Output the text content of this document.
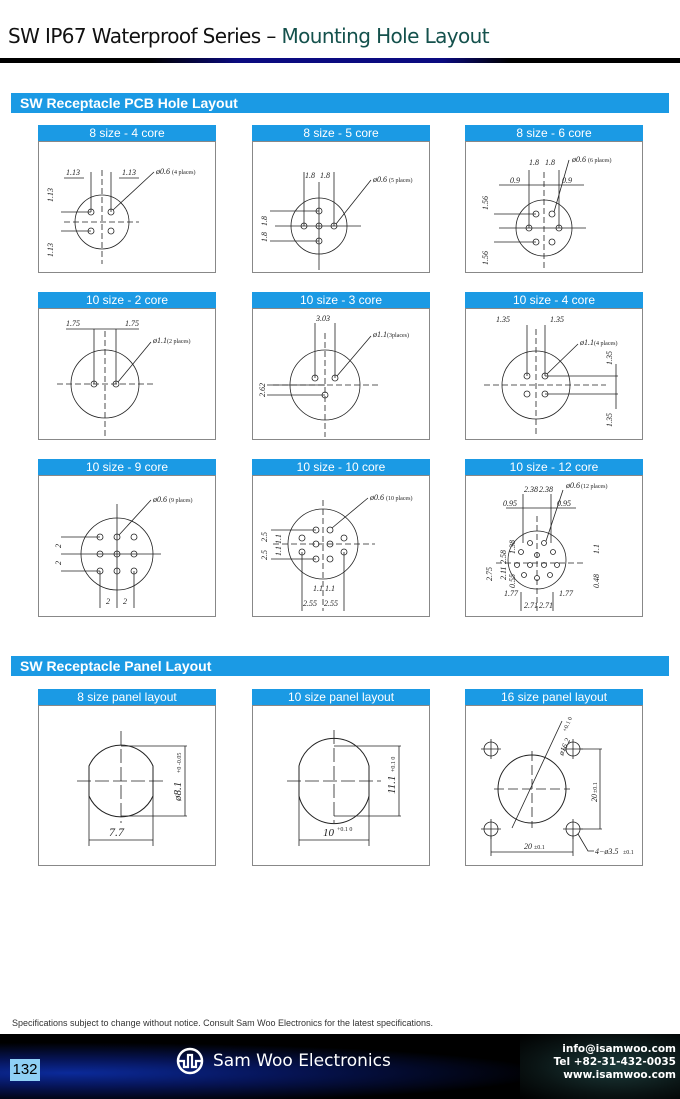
SW IP67 Waterproof Series – Mounting Hole Layout
SW Receptacle PCB Hole Layout
8 size - 4 core
1.13	1.13
1.13
1.13
ø0.6 (4 places)
8 size - 5 core
1.8 1.8
1.8
1.8
ø0.6 (5 places)
8 size - 6 core
1.8 1.8
0.9	0.9
1.56
1.56
ø0.6 (6 places)
10 size - 2 core
1.75	1.75
ø1.1 (2 places)
10 size - 3 core
3.03
2.62
ø1.1 (3places)
10 size - 4 core
1.35	1.35
1.35
1.35
ø1.1 (4 places)
10 size - 9 core
2
2
2 2
ø0.6 (9 places)
10 size - 10 core
2.5
2.5
1.1
1.1
1.1 1.1
2.55 2.55
ø0.6 (10 places)
10 size - 12 core
2.38 2.38
0.95	0.95
1.38
2.58
2.11
2.75 0.55
1.1
0.48
1.77	1.77
2.71 2.71
ø0.6 (12 places)
SW Receptacle Panel Layout
8 size panel layout
7.7
ø8.1
+0 -0.05
10 size panel layout
10 +0.1 0
11.1
+0.1 0
16 size panel layout
ø16.2
+0.1 0
20
±0.1
20 ±0.1	4−ø3.5 ±0.1
Specifications subject to change without notice. Consult Sam Woo Electronics for the latest specifications.
132	Sam Woo Electronics
info@isamwoo.com
Tel +82-31-432-0035
www.isamwoo.com
